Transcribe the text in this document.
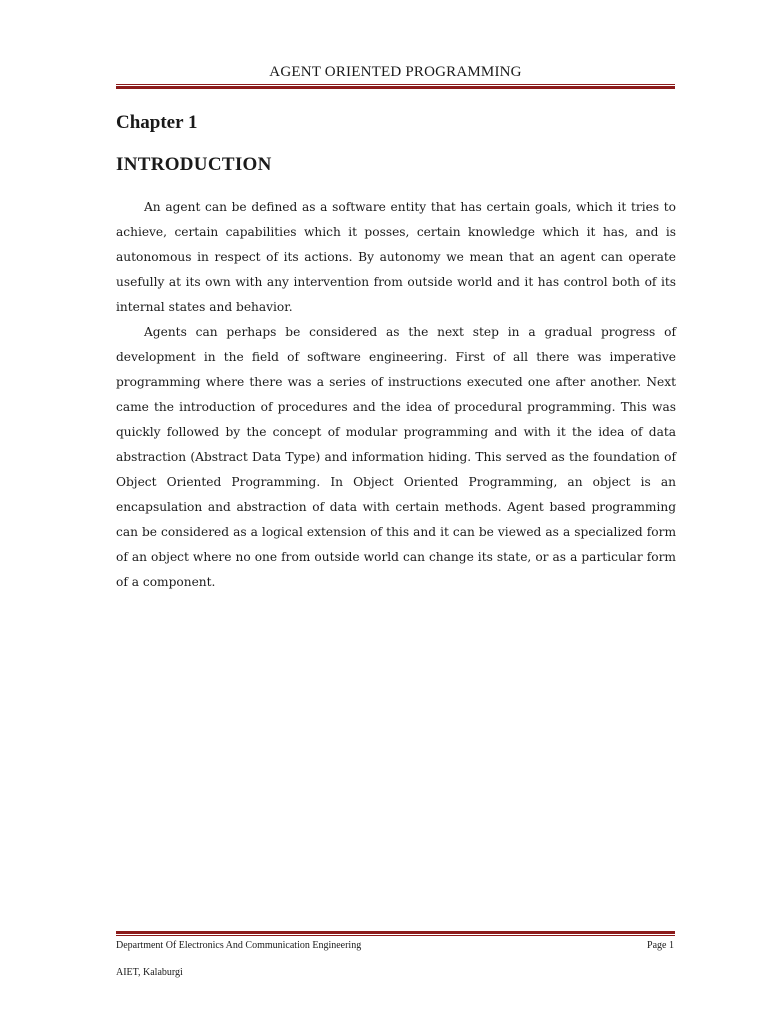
AGENT ORIENTED PROGRAMMING
Chapter 1
INTRODUCTION

An agent can be defined as a software entity that has certain goals, which it tries to achieve, certain capabilities which it posses, certain knowledge which it has, and is autonomous in respect of its actions. By autonomy we mean that an agent can operate usefully at its own with any intervention from outside world and it has control both of its internal states and behavior.

Agents can perhaps be considered as the next step in a gradual progress of development in the field of software engineering. First of all there was imperative programming where there was a series of instructions executed one after another. Next came the introduction of procedures and the idea of procedural programming. This was quickly followed by the concept of modular programming and with it the idea of data abstraction (Abstract Data Type) and information hiding. This served as the foundation of Object Oriented Programming. In Object Oriented Programming, an object is an encapsulation and abstraction of data with certain methods. Agent based programming can be considered as a logical extension of this and it can be viewed as a specialized form of an object where no one from outside world can change its state, or as a particular form of a component.

Department Of Electronics And Communication Engineering	Page 1
AIET, Kalaburgi
